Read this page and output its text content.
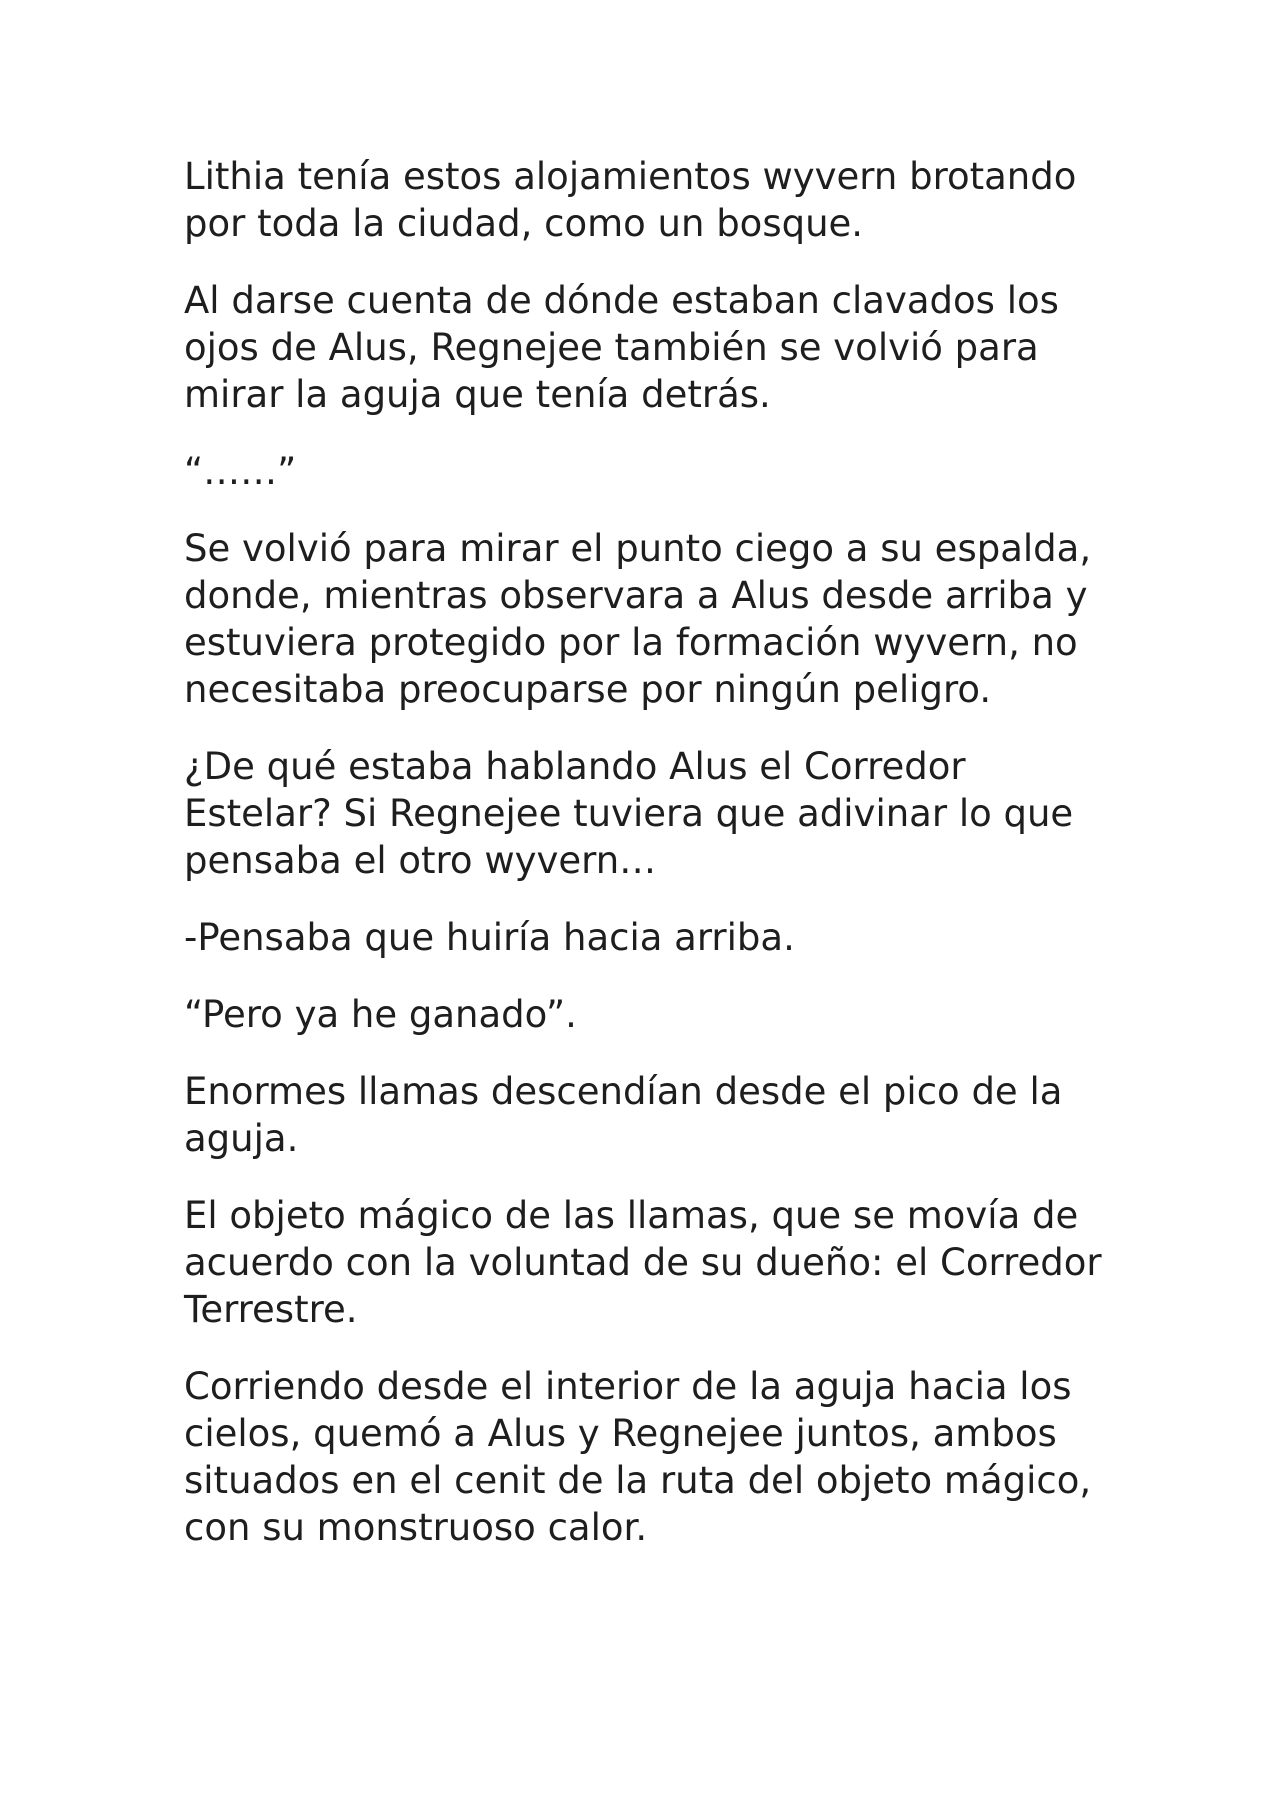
Lithia tenía estos alojamientos wyvern brotando por toda la ciudad, como un bosque.

Al darse cuenta de dónde estaban clavados los ojos de Alus, Regnejee también se volvió para mirar la aguja que tenía detrás.

“……”

Se volvió para mirar el punto ciego a su espalda, donde, mientras observara a Alus desde arriba y estuviera protegido por la formación wyvern, no necesitaba preocuparse por ningún peligro.

¿De qué estaba hablando Alus el Corredor Estelar? Si Regnejee tuviera que adivinar lo que pensaba el otro wyvern…

-Pensaba que huiría hacia arriba.

“Pero ya he ganado”.

Enormes llamas descendían desde el pico de la aguja.

El objeto mágico de las llamas, que se movía de acuerdo con la voluntad de su dueño: el Corredor Terrestre.

Corriendo desde el interior de la aguja hacia los cielos, quemó a Alus y Regnejee juntos, ambos situados en el cenit de la ruta del objeto mágico, con su monstruoso calor.
